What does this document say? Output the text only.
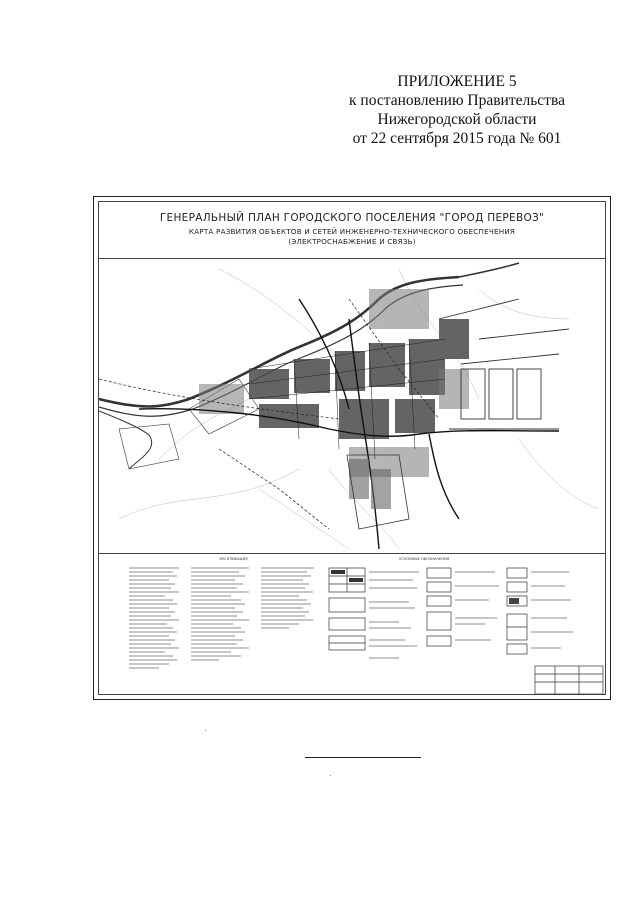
ПРИЛОЖЕНИЕ 5
к постановлению Правительства
Нижегородской области
от 22 сентября 2015 года № 601
ГЕНЕРАЛЬНЫЙ ПЛАН ГОРОДСКОГО ПОСЕЛЕНИЯ "ГОРОД ПЕРЕВОЗ"
КАРТА РАЗВИТИЯ ОБЪЕКТОВ И СЕТЕЙ ИНЖЕНЕРНО-ТЕХНИЧЕСКОГО ОБЕСПЕЧЕНИЯ
(ЭЛЕКТРОСНАБЖЕНИЕ И СВЯЗЬ)
ЭКСПЛИКАЦИЯ	УСЛОВНЫЕ ОБОЗНАЧЕНИЯ
